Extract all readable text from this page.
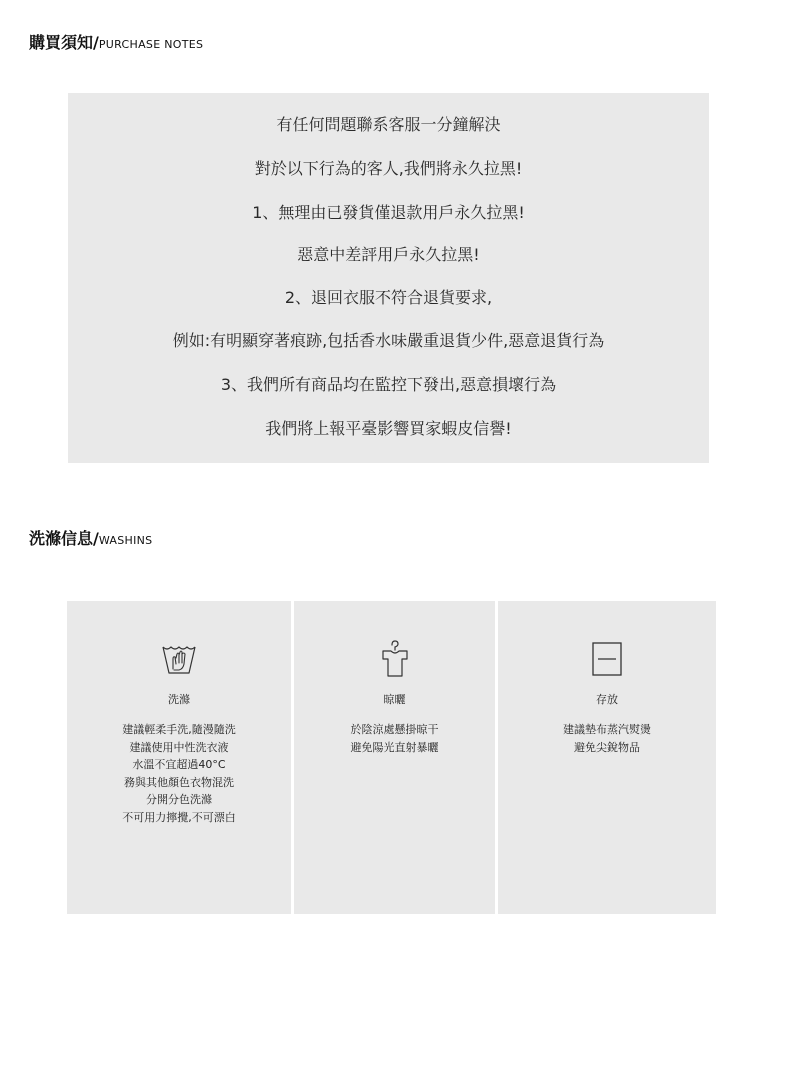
購買須知/PURCHASE NOTES
有任何問題聯系客服一分鐘解決
對於以下行為的客人,我們將永久拉黑!
1、無理由已發貨僅退款用戶永久拉黑!
惡意中差評用戶永久拉黑!
2、退回衣服不符合退貨要求,
例如:有明顯穿著痕跡,包括香水味嚴重退貨少件,惡意退貨行為
3、我們所有商品均在監控下發出,惡意損壞行為
我們將上報平臺影響買家蝦皮信譽!
洗滌信息/WASHINS
洗滌
建議輕柔手洗,隨漫隨洗
建議使用中性洗衣液
水溫不宜超過40°C
務與其他顏色衣物混洗
分開分色洗滌
不可用力擰攪,不可漂白
晾曬
於陰涼處懸掛晾干
避免陽光直射暴曬
存放
建議墊布蒸汽熨燙
避免尖銳物品
